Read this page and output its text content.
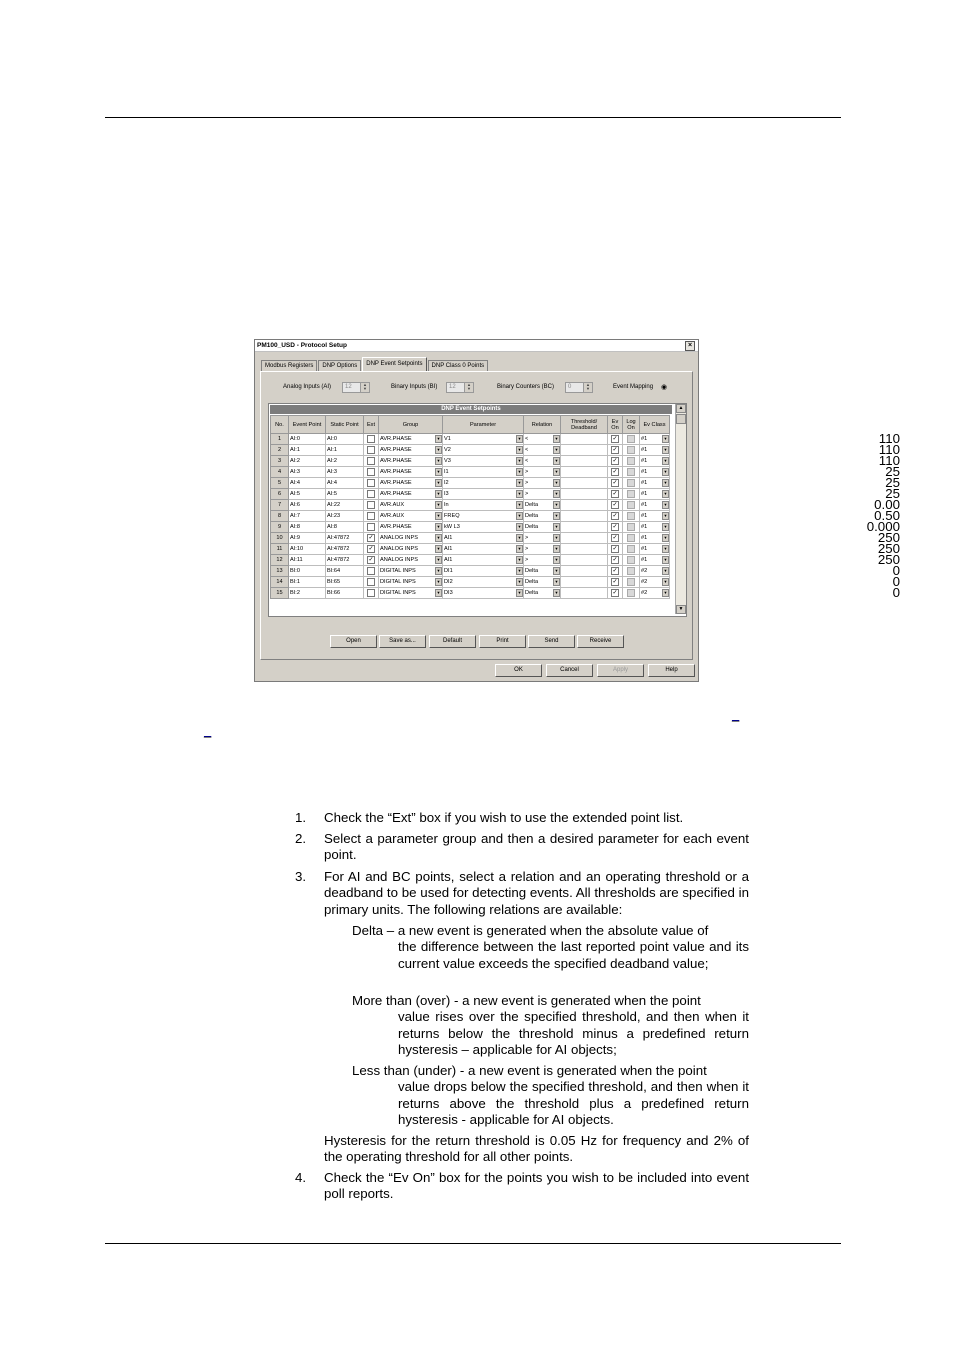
PM100_USD - Protocol Setup	×
Modbus Registers	DNP Options	DNP Event Setpoints	DNP Class 0 Points
Analog Inputs (AI)	12	▲
▼	Binary Inputs (BI)	12	▲
▼	Binary Counters (BC)	0	▲
▼	Event Mapping ◉
DNP Event Setpoints
No.	Event Point	Static Point	Ext	Group	Parameter	Relation	Threshold/ Deadband	Ev On	Log On	Ev Class
1	AI:0	AI:0		AVR.PHASE	▼	V1	▼	<	▼	110	✓		#1	▼

2	AI:1	AI:1		AVR.PHASE	▼	V2	▼	<	▼	110	✓		#1	▼

3	AI:2	AI:2		AVR.PHASE	▼	V3	▼	<	▼	110	✓		#1	▼

4	AI:3	AI:3		AVR.PHASE	▼	I1	▼	>	▼	25	✓		#1	▼

5	AI:4	AI:4		AVR.PHASE	▼	I2	▼	>	▼	25	✓		#1	▼

6	AI:5	AI:5		AVR.PHASE	▼	I3	▼	>	▼	25	✓		#1	▼

7	AI:6	AI:22		AVR.AUX	▼	In	▼	Delta	▼	0.00	✓		#1	▼

8	AI:7	AI:23		AVR.AUX	▼	FREQ	▼	Delta	▼	0.50	✓		#1	▼

9	AI:8	AI:8		AVR.PHASE	▼	kW L3	▼	Delta	▼	0.000	✓		#1	▼

10	AI:9	AI:47872	✓	ANALOG INPS	▼	AI1	▼	>	▼	250	✓		#1	▼

11	AI:10	AI:47872	✓	ANALOG INPS	▼	AI1	▼	>	▼	250	✓		#1	▼

12	AI:11	AI:47872	✓	ANALOG INPS	▼	AI1	▼	>	▼	250	✓		#1	▼

13	BI:0	BI:64		DIGITAL INPS	▼	DI1	▼	Delta	▼	0	✓		#2	▼

14	BI:1	BI:65		DIGITAL INPS	▼	DI2	▼	Delta	▼	0	✓		#2	▼

15	BI:2	BI:66		DIGITAL INPS	▼	DI3	▼	Delta	▼	0	✓		#2	▼
▲
▼
Open	Save as...	Default	Print	Send	Receive
OK	Cancel	Apply	Help
_
_
1. Check the “Ext” box if you wish to use the extended point list.
2. Select a parameter group and then a desired parameter for each event point.
3. For AI and BC points, select a relation and an operating threshold or a deadband to be used for detecting events. All thresholds are specified in primary units. The following relations are available:
Delta – a new event is generated when the absolute value of
the difference between the last reported point value and its current value exceeds the specified deadband value;
More than (over) - a new event is generated when the point
value rises over the specified threshold, and then when it returns below the threshold minus a predefined return hysteresis – applicable for AI objects;
Less than (under) - a new event is generated when the point
value drops below the specified threshold, and then when it returns above the threshold plus a predefined return hysteresis - applicable for AI objects.
Hysteresis for the return threshold is 0.05 Hz for frequency and 2% of the operating threshold for all other points.
4. Check the “Ev On” box for the points you wish to be included into event poll reports.
